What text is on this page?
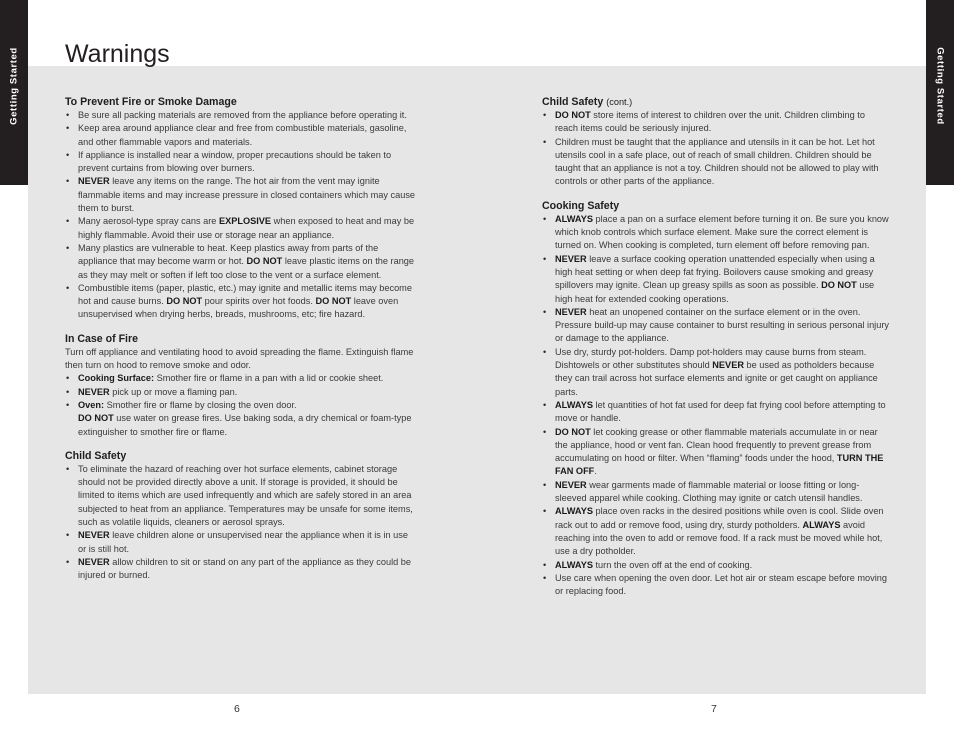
Getting Started	Getting Started
Warnings
To Prevent Fire or Smoke Damage
• Be sure all packing materials are removed from the appliance before operating it.
• Keep area around appliance clear and free from combustible materials, gasoline, and other flammable vapors and materials.
• If appliance is installed near a window, proper precautions should be taken to prevent curtains from blowing over burners.
• NEVER leave any items on the range. The hot air from the vent may ignite flammable items and may increase pressure in closed containers which may cause them to burst.
• Many aerosol-type spray cans are EXPLOSIVE when exposed to heat and may be highly flammable. Avoid their use or storage near an appliance.
• Many plastics are vulnerable to heat. Keep plastics away from parts of the appliance that may become warm or hot. DO NOT leave plastic items on the range as they may melt or soften if left too close to the vent or a surface element.
• Combustible items (paper, plastic, etc.) may ignite and metallic items may become hot and cause burns. DO NOT pour spirits over hot foods. DO NOT leave oven unsupervised when drying herbs, breads, mushrooms, etc; fire hazard.
In Case of Fire

Turn off appliance and ventilating hood to avoid spreading the flame. Extinguish flame then turn on hood to remove smoke and odor.

• Cooking Surface: Smother fire or flame in a pan with a lid or cookie sheet.
• NEVER pick up or move a flaming pan.
• Oven: Smother fire or flame by closing the oven door.
DO NOT use water on grease fires. Use baking soda, a dry chemical or foam-type extinguisher to smother fire or flame.
Child Safety
• To eliminate the hazard of reaching over hot surface elements, cabinet storage should not be provided directly above a unit. If storage is provided, it should be limited to items which are used infrequently and which are safely stored in an area subjected to heat from an appliance. Temperatures may be unsafe for some items, such as volatile liquids, cleaners or aerosol sprays.
• NEVER leave children alone or unsupervised near the appliance when it is in use or is still hot.
• NEVER allow children to sit or stand on any part of the appliance as they could be injured or burned.
Child Safety (cont.)
• DO NOT store items of interest to children over the unit. Children climbing to reach items could be seriously injured.
• Children must be taught that the appliance and utensils in it can be hot. Let hot utensils cool in a safe place, out of reach of small children. Children should be taught that an appliance is not a toy. Children should not be allowed to play with controls or other parts of the appliance.
Cooking Safety
• ALWAYS place a pan on a surface element before turning it on. Be sure you know which knob controls which surface element. Make sure the correct element is turned on. When cooking is completed, turn element off before removing pan.
• NEVER leave a surface cooking operation unattended especially when using a high heat setting or when deep fat frying. Boilovers cause smoking and greasy spillovers may ignite. Clean up greasy spills as soon as possible. DO NOT use high heat for extended cooking operations.
• NEVER heat an unopened container on the surface element or in the oven. Pressure build-up may cause container to burst resulting in serious personal injury or damage to the appliance.
• Use dry, sturdy pot-holders. Damp pot-holders may cause burns from steam. Dishtowels or other substitutes should NEVER be used as potholders because they can trail across hot surface elements and ignite or get caught on appliance parts.
• ALWAYS let quantities of hot fat used for deep fat frying cool before attempting to move or handle.
• DO NOT let cooking grease or other flammable materials accumulate in or near the appliance, hood or vent fan. Clean hood frequently to prevent grease from accumulating on hood or filter. When “flaming” foods under the hood, TURN THE FAN OFF.
• NEVER wear garments made of flammable material or loose fitting or long-sleeved apparel while cooking. Clothing may ignite or catch utensil handles.
• ALWAYS place oven racks in the desired positions while oven is cool. Slide oven rack out to add or remove food, using dry, sturdy potholders. ALWAYS avoid reaching into the oven to add or remove food. If a rack must be moved while hot, use a dry potholder.
• ALWAYS turn the oven off at the end of cooking.
• Use care when opening the oven door. Let hot air or steam escape before moving or replacing food.
6	7
